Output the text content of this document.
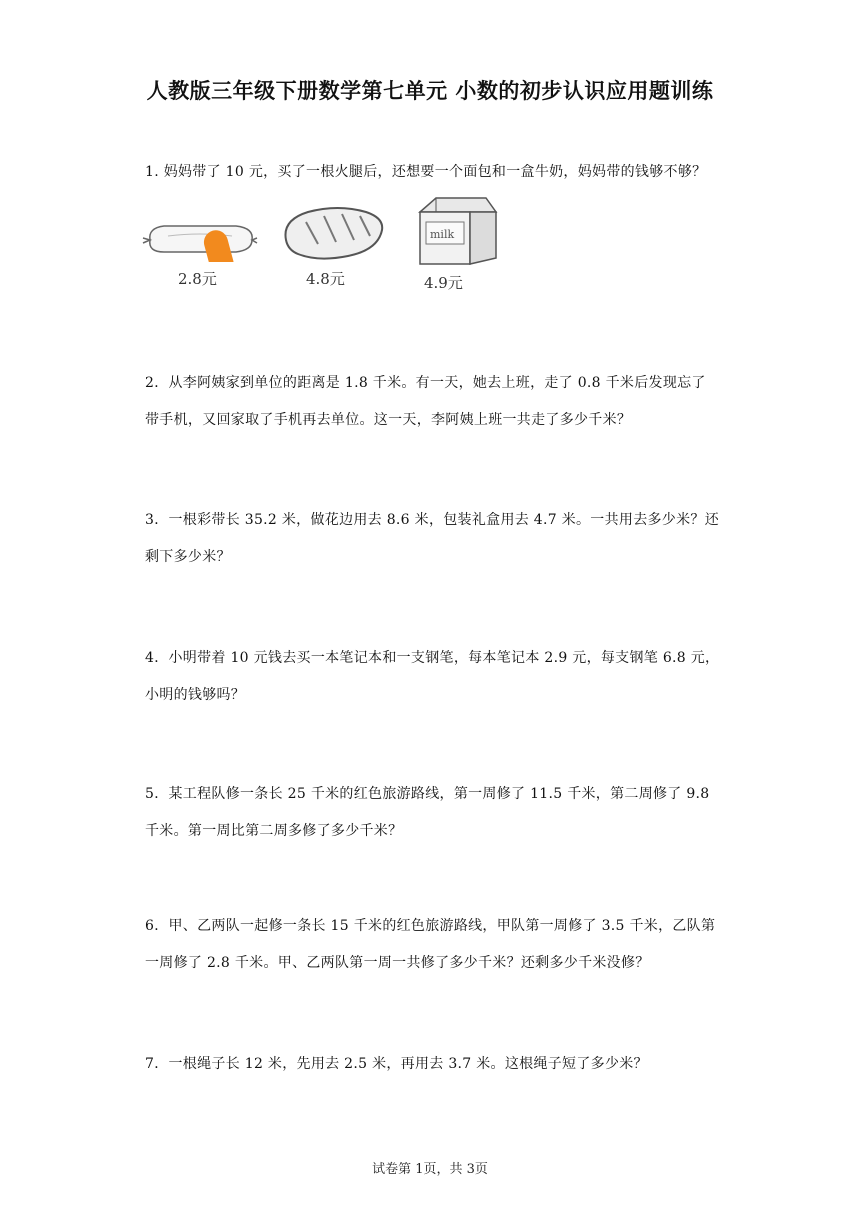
人教版三年级下册数学第七单元 小数的初步认识应用题训练
1. 妈妈带了 10 元，买了一根火腿后，还想要一个面包和一盒牛奶，妈妈带的钱够不够？
2.8元	4.8元
milk
4.9元
2．从李阿姨家到单位的距离是 1.8 千米。有一天，她去上班，走了 0.8 千米后发现忘了带手机，又回家取了手机再去单位。这一天，李阿姨上班一共走了多少千米？
3．一根彩带长 35.2 米，做花边用去 8.6 米，包装礼盒用去 4.7 米。一共用去多少米？还剩下多少米？
4．小明带着 10 元钱去买一本笔记本和一支钢笔，每本笔记本 2.9 元，每支钢笔 6.8 元，小明的钱够吗？
5．某工程队修一条长 25 千米的红色旅游路线，第一周修了 11.5 千米，第二周修了 9.8 千米。第一周比第二周多修了多少千米？
6．甲、乙两队一起修一条长 15 千米的红色旅游路线，甲队第一周修了 3.5 千米，乙队第一周修了 2.8 千米。甲、乙两队第一周一共修了多少千米？还剩多少千米没修？
7．一根绳子长 12 米，先用去 2.5 米，再用去 3.7 米。这根绳子短了多少米？
试卷第 1页，共 3页
